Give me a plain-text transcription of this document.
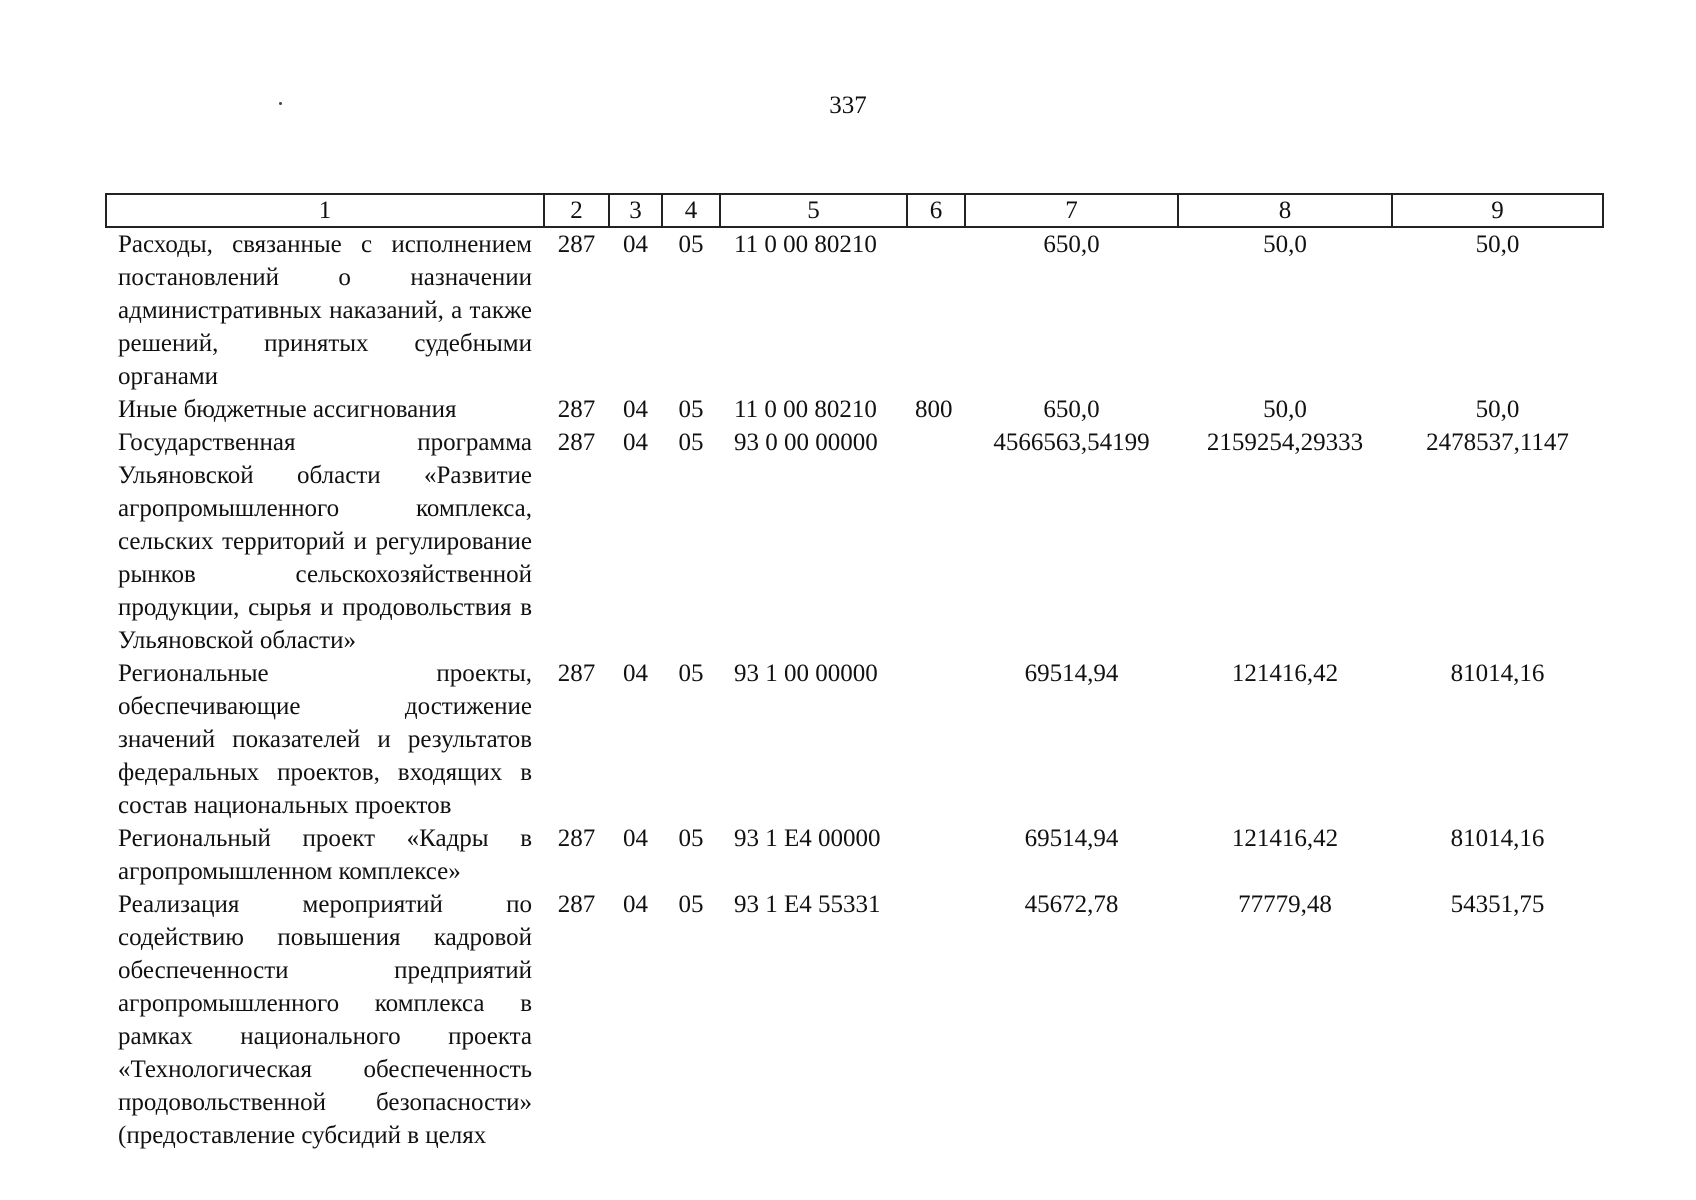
337
1	2	3	4	5	6	7	8	9
Расходы, связанные с исполнением постановлений о назначении административных наказаний, а также решений, принятых судебными органами	287	04	05	11 0 00 80210		650,0	50,0	50,0
Иные бюджетные ассигнования	287	04	05	11 0 00 80210	800	650,0	50,0	50,0
Государственная программа Ульяновской области «Развитие агропромышленного комплекса, сельских территорий и регулирование рынков сельскохозяйственной продукции, сырья и продовольствия в Ульяновской области»	287	04	05	93 0 00 00000		4566563,54199	2159254,29333	2478537,1147
Региональные проекты, обеспечивающие достижение значений показателей и результатов федеральных проектов, входящих в состав национальных проектов	287	04	05	93 1 00 00000		69514,94	121416,42	81014,16
Региональный проект «Кадры в агропромышленном комплексе»	287	04	05	93 1 Е4 00000		69514,94	121416,42	81014,16
Реализация мероприятий по содействию повышения кадровой обеспеченности предприятий агропромышленного комплекса в рамках национального проекта «Технологическая обеспеченность продовольственной безопасности» (предоставление субсидий в целях	287	04	05	93 1 Е4 55331		45672,78	77779,48	54351,75
